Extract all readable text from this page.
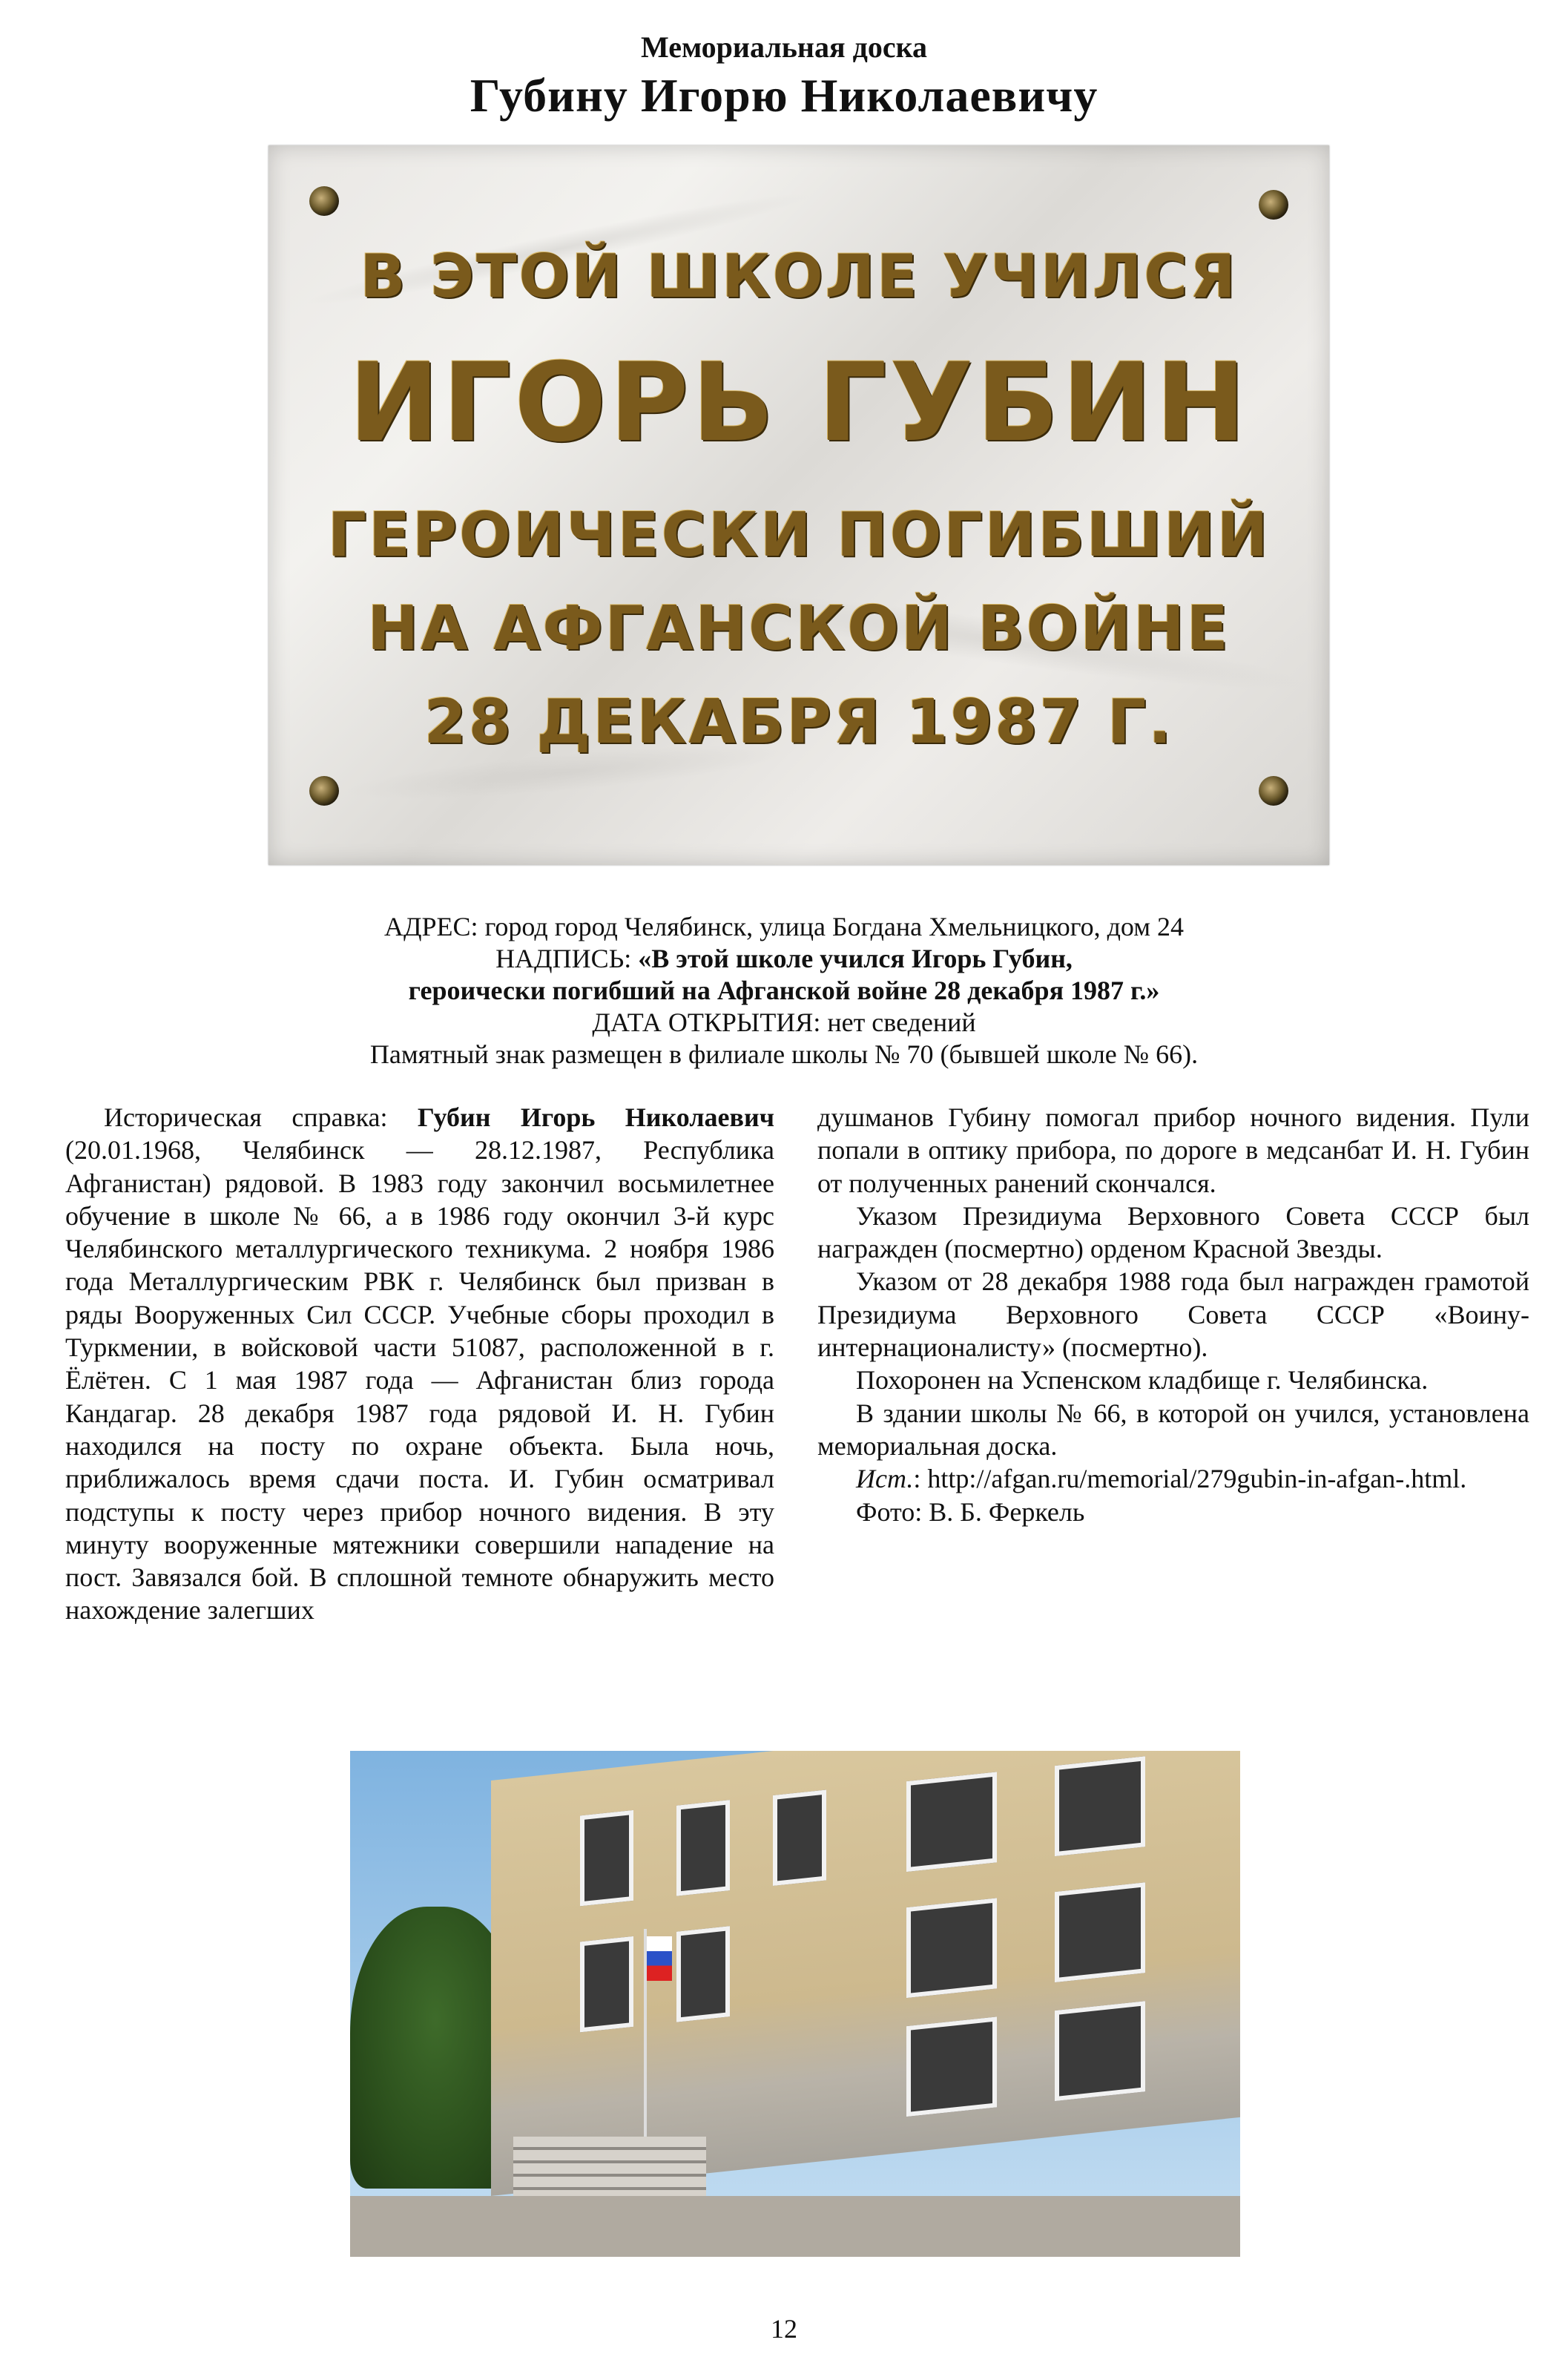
Мемориальная доска
Губину Игорю Николаевичу
В ЭТОЙ ШКОЛЕ УЧИЛСЯ
ИГОРЬ ГУБИН
ГЕРОИЧЕСКИ ПОГИБШИЙ
НА АФГАНСКОЙ ВОЙНЕ
28 ДЕКАБРЯ 1987 Г.
АДРЕС: город город Челябинск, улица Богдана Хмельницкого, дом 24
НАДПИСЬ: «В этой школе учился Игорь Губин,
героически погибший на Афганской войне 28 декабря 1987 г.»
ДАТА ОТКРЫТИЯ: нет сведений
Памятный знак размещен в филиале школы № 70 (бывшей школе № 66).

Историческая справка: Губин Игорь Николаевич (20.01.1968, Челябинск — 28.12.1987, Республика Афганистан) рядовой. В 1983 году закончил восьмилетнее обучение в школе № 66, а в 1986 году окончил 3-й курс Челябинского металлургического техникума. 2 ноября 1986 года Металлургическим РВК г. Челябинск был призван в ряды Вооруженных Сил СССР. Учебные сборы проходил в Туркмении, в войсковой части 51087, расположенной в г. Ёлётен. С 1 мая 1987 года — Афганистан близ города Кандагар. 28 декабря 1987 года рядовой И. Н. Губин находился на посту по охране объекта. Была ночь, приближалось время сдачи поста. И. Губин осматривал подступы к посту через прибор ночного видения. В эту минуту вооруженные мятежники совершили нападение на пост. Завязался бой. В сплошной темноте обнаружить место нахождение залегших

душманов Губину помогал прибор ночного видения. Пули попали в оптику прибора, по дороге в медсанбат И. Н. Губин от полученных ранений скончался.

Указом Президиума Верховного Совета СССР был награжден (посмертно) орденом Красной Звезды.

Указом от 28 декабря 1988 года был награжден грамотой Президиума Верховного Совета СССР «Воину-интернационалисту» (посмертно).

Похоронен на Успенском кладбище г. Челябинска.

В здании школы № 66, в которой он учился, установлена мемориальная доска.

Ист.: http://afgan.ru/memorial/279gubin-in-afgan-.html.

Фото: В. Б. Феркель

12
